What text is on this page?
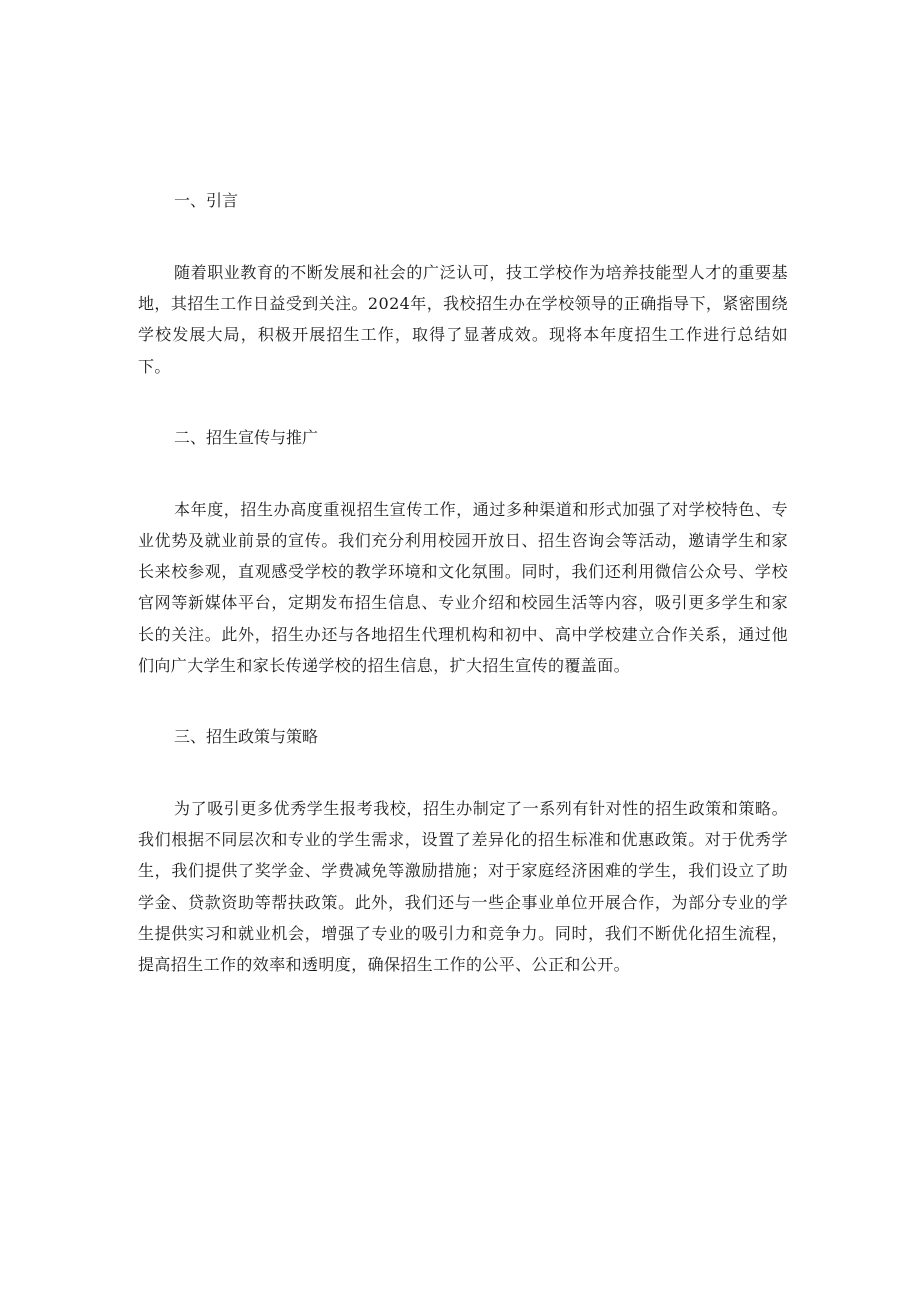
一、引言

随着职业教育的不断发展和社会的广泛认可，技工学校作为培养技能型人才的重要基地，其招生工作日益受到关注。2024年，我校招生办在学校领导的正确指导下，紧密围绕学校发展大局，积极开展招生工作，取得了显著成效。现将本年度招生工作进行总结如下。

二、招生宣传与推广

本年度，招生办高度重视招生宣传工作，通过多种渠道和形式加强了对学校特色、专业优势及就业前景的宣传。我们充分利用校园开放日、招生咨询会等活动，邀请学生和家长来校参观，直观感受学校的教学环境和文化氛围。同时，我们还利用微信公众号、学校官网等新媒体平台，定期发布招生信息、专业介绍和校园生活等内容，吸引更多学生和家长的关注。此外，招生办还与各地招生代理机构和初中、高中学校建立合作关系，通过他们向广大学生和家长传递学校的招生信息，扩大招生宣传的覆盖面。

三、招生政策与策略

为了吸引更多优秀学生报考我校，招生办制定了一系列有针对性的招生政策和策略。我们根据不同层次和专业的学生需求，设置了差异化的招生标准和优惠政策。对于优秀学生，我们提供了奖学金、学费减免等激励措施；对于家庭经济困难的学生，我们设立了助学金、贷款资助等帮扶政策。此外，我们还与一些企事业单位开展合作，为部分专业的学生提供实习和就业机会，增强了专业的吸引力和竞争力。同时，我们不断优化招生流程，提高招生工作的效率和透明度，确保招生工作的公平、公正和公开。
